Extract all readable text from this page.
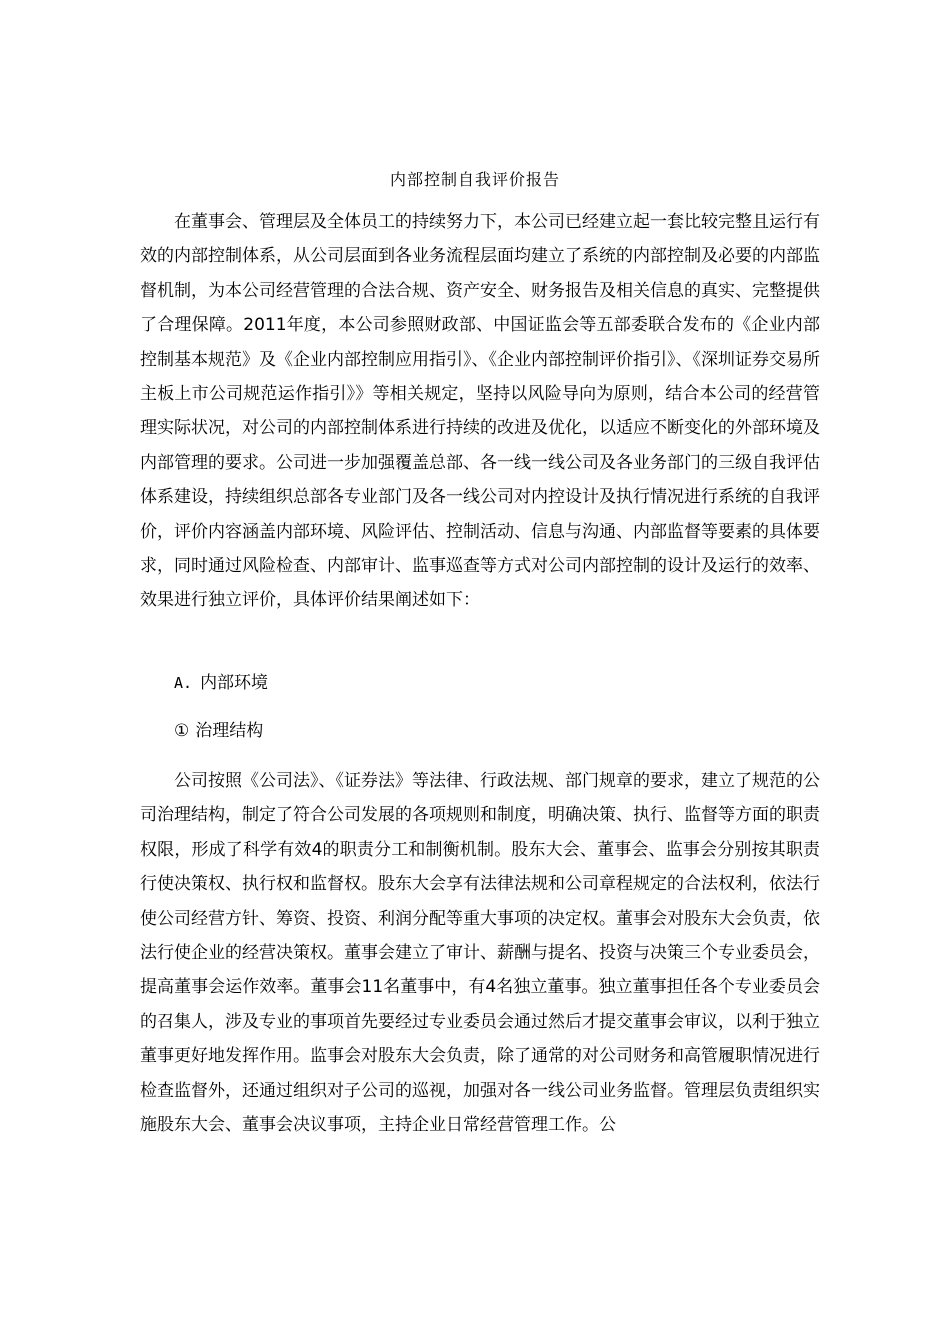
内部控制自我评价报告

在董事会、管理层及全体员工的持续努力下，本公司已经建立起一套比较完整且运行有效的内部控制体系，从公司层面到各业务流程层面均建立了系统的内部控制及必要的内部监督机制，为本公司经营管理的合法合规、资产安全、财务报告及相关信息的真实、完整提供了合理保障。2011年度，本公司参照财政部、中国证监会等五部委联合发布的《企业内部控制基本规范》及《企业内部控制应用指引》、《企业内部控制评价指引》、《深圳证券交易所主板上市公司规范运作指引》》等相关规定，坚持以风险导向为原则，结合本公司的经营管理实际状况，对公司的内部控制体系进行持续的改进及优化，以适应不断变化的外部环境及内部管理的要求。公司进一步加强覆盖总部、各一线一线公司及各业务部门的三级自我评估体系建设，持续组织总部各专业部门及各一线公司对内控设计及执行情况进行系统的自我评价，评价内容涵盖内部环境、风险评估、控制活动、信息与沟通、内部监督等要素的具体要求，同时通过风险检查、内部审计、监事巡查等方式对公司内部控制的设计及运行的效率、效果进行独立评价，具体评价结果阐述如下：

A. 内部环境
① 治理结构

公司按照《公司法》、《证券法》等法律、行政法规、部门规章的要求，建立了规范的公司治理结构，制定了符合公司发展的各项规则和制度，明确决策、执行、监督等方面的职责权限，形成了科学有效4的职责分工和制衡机制。股东大会、董事会、监事会分别按其职责行使决策权、执行权和监督权。股东大会享有法律法规和公司章程规定的合法权利，依法行使公司经营方针、筹资、投资、利润分配等重大事项的决定权。董事会对股东大会负责，依法行使企业的经营决策权。董事会建立了审计、薪酬与提名、投资与决策三个专业委员会，提高董事会运作效率。董事会11名董事中，有4名独立董事。独立董事担任各个专业委员会的召集人，涉及专业的事项首先要经过专业委员会通过然后才提交董事会审议，以利于独立董事更好地发挥作用。监事会对股东大会负责，除了通常的对公司财务和高管履职情况进行检查监督外，还通过组织对子公司的巡视，加强对各一线公司业务监督。管理层负责组织实施股东大会、董事会决议事项，主持企业日常经营管理工作。公
